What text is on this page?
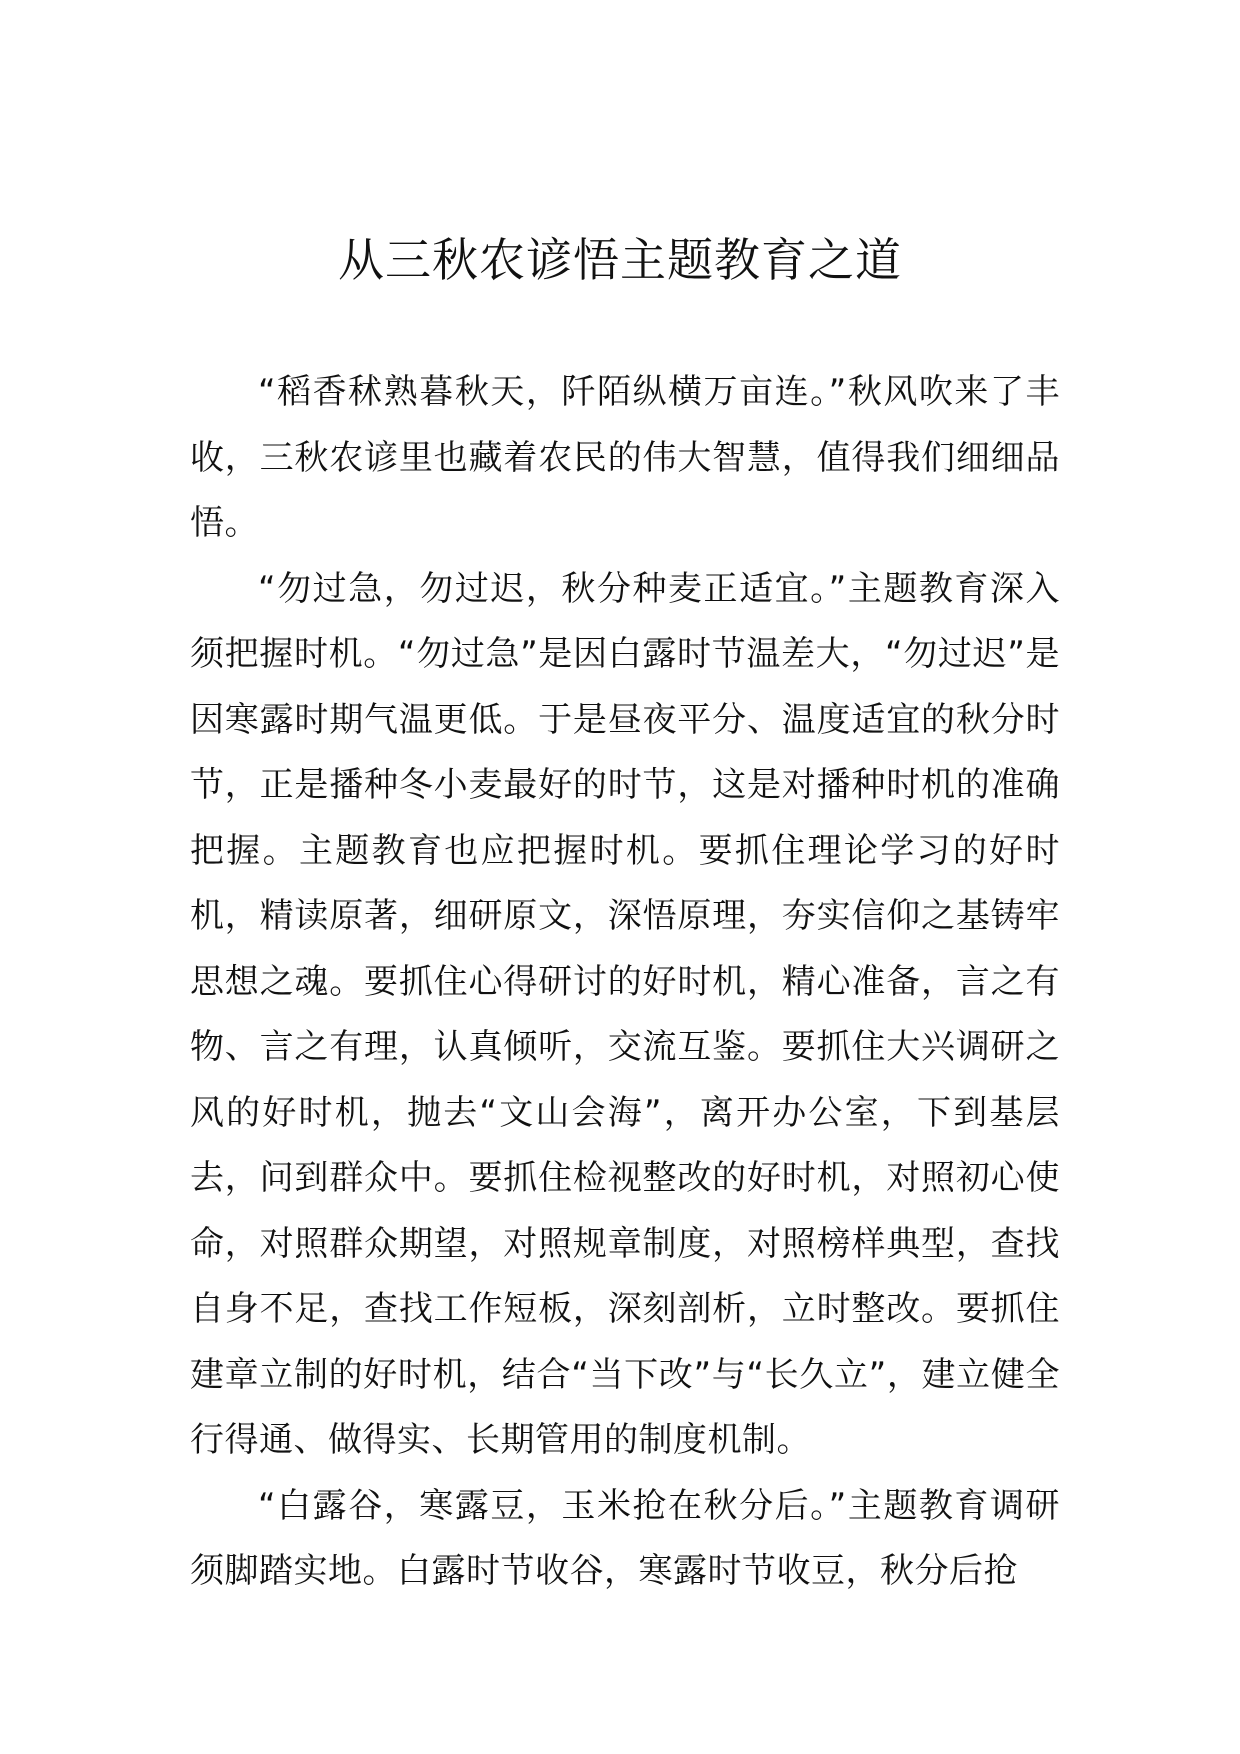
从三秋农谚悟主题教育之道

“稻香秫熟暮秋天，阡陌纵横万亩连。”秋风吹来了丰收，三秋农谚里也藏着农民的伟大智慧，值得我们细细品悟。

“勿过急，勿过迟，秋分种麦正适宜。”主题教育深入须把握时机。“勿过急”是因白露时节温差大，“勿过迟”是因寒露时期气温更低。于是昼夜平分、温度适宜的秋分时节，正是播种冬小麦最好的时节，这是对播种时机的准确把握。主题教育也应把握时机。要抓住理论学习的好时机，精读原著，细研原文，深悟原理，夯实信仰之基铸牢思想之魂。要抓住心得研讨的好时机，精心准备，言之有物、言之有理，认真倾听，交流互鉴。要抓住大兴调研之风的好时机，抛去“文山会海”，离开办公室，下到基层去，问到群众中。要抓住检视整改的好时机，对照初心使命，对照群众期望，对照规章制度，对照榜样典型，查找自身不足，查找工作短板，深刻剖析，立时整改。要抓住建章立制的好时机，结合“当下改”与“长久立”，建立健全行得通、做得实、长期管用的制度机制。

“白露谷，寒露豆，玉米抢在秋分后。”主题教育调研须脚踏实地。白露时节收谷，寒露时节收豆，秋分后抢
